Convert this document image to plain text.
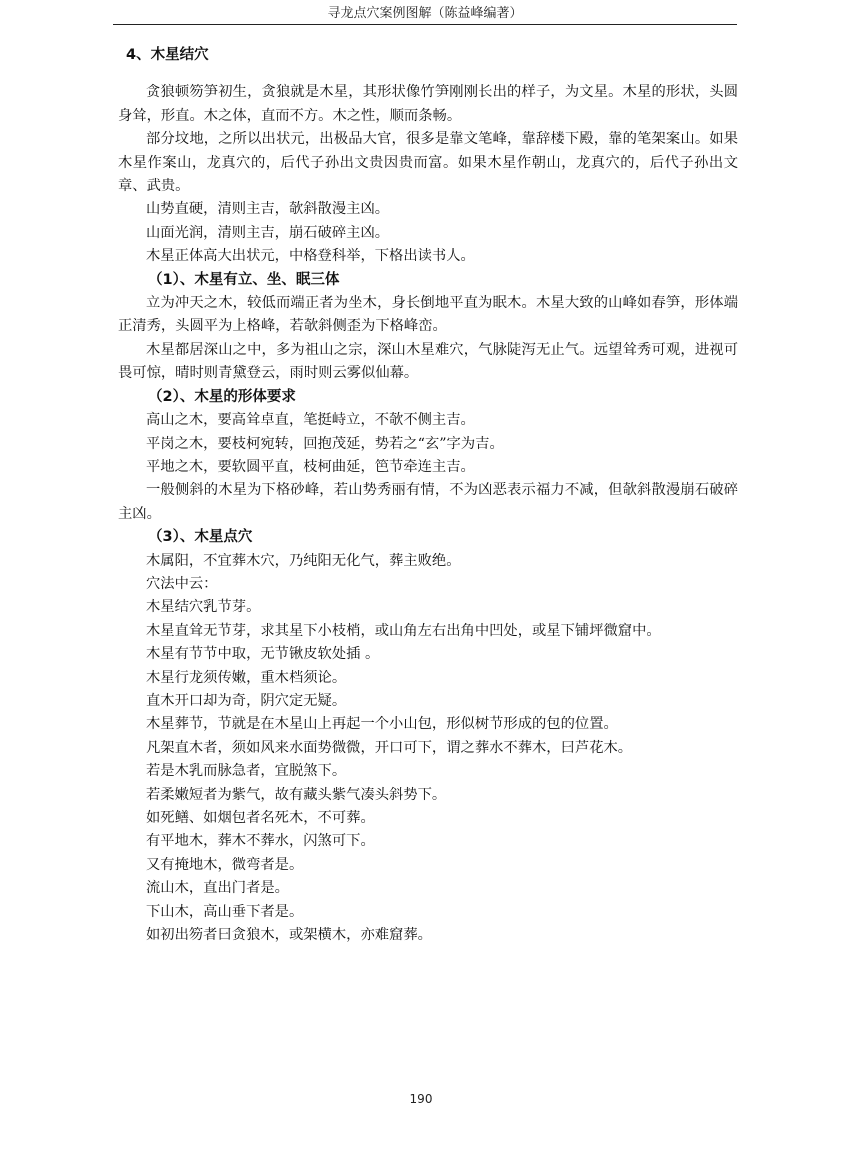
寻龙点穴案例图解（陈益峰编著）
4、木星结穴

贪狼顿笏笋初生，贪狼就是木星，其形状像竹笋刚刚长出的样子，为文星。木星的形状，头圆身耸，形直。木之体，直而不方。木之性，顺而条畅。

部分坟地，之所以出状元，出极品大官，很多是靠文笔峰，靠辞楼下殿，靠的笔架案山。如果木星作案山，龙真穴的，后代子孙出文贵因贵而富。如果木星作朝山，龙真穴的，后代子孙出文章、武贵。

山势直硬，清则主吉，欹斜散漫主凶。

山面光润，清则主吉，崩石破碎主凶。

木星正体高大出状元，中格登科举，下格出读书人。

（1）、木星有立、坐、眠三体

立为冲天之木，较低而端正者为坐木，身长倒地平直为眠木。木星大致的山峰如春笋，形体端正清秀，头圆平为上格峰，若欹斜侧歪为下格峰峦。

木星都居深山之中，多为祖山之宗，深山木星难穴，气脉陡泻无止气。远望耸秀可观，进视可畏可惊，晴时则青黛登云，雨时则云雾似仙幕。

（2）、木星的形体要求

高山之木，要高耸卓直，笔挺峙立，不欹不侧主吉。

平岗之木，要枝柯宛转，回抱茂延，势若之“玄”字为吉。

平地之木，要软圆平直，枝柯曲延，笆节牵连主吉。

一般侧斜的木星为下格砂峰，若山势秀丽有情，不为凶恶表示福力不减，但欹斜散漫崩石破碎主凶。

（3）、木星点穴

木属阳，不宜葬木穴，乃纯阳无化气，葬主败绝。

穴法中云：

木星结穴乳节芽。

木星直耸无节芽，求其星下小枝梢，或山角左右出角中凹处，或星下铺坪微窟中。

木星有节节中取，无节锹皮软处插 。

木星行龙须传嫩，重木档须论。

直木开口却为奇，阴穴定无疑。

木星葬节，节就是在木星山上再起一个小山包，形似树节形成的包的位置。

凡架直木者，须如风来水面势微微，开口可下，谓之葬水不葬木，曰芦花木。

若是木乳而脉急者，宜脱煞下。

若柔嫩短者为紫气，故有藏头紫气凑头斜势下。

如死鳝、如烟包者名死木，不可葬。

有平地木，葬木不葬水，闪煞可下。

又有掩地木，微弯者是。

流山木，直出门者是。

下山木，高山垂下者是。

如初出笏者曰贪狼木，或架横木，亦难窟葬。

190
